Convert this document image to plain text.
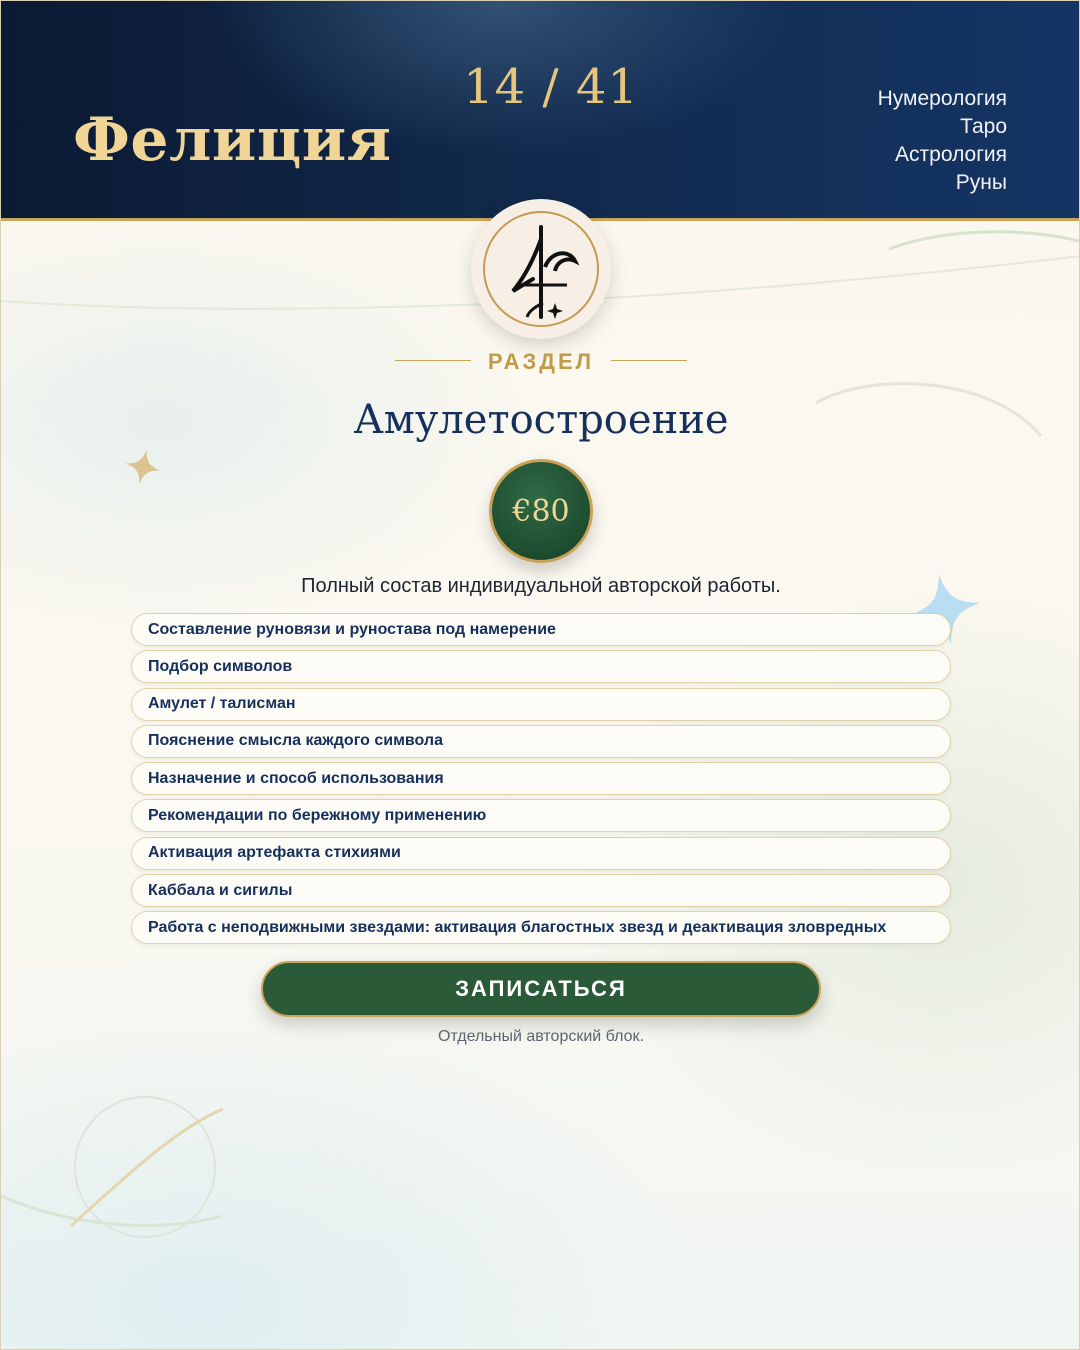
Фелиция
14 / 41	Нумерология
Таро
Астрология
Руны
РАЗДЕЛ
Амулетостроение
€80
Полный состав индивидуальной авторской работы.
Составление руновязи и руностава под намерение
Подбор символов
Амулет / талисман
Пояснение смысла каждого символа
Назначение и способ использования
Рекомендации по бережному применению
Активация артефакта стихиями
Каббала и сигилы
Работа с неподвижными звездами: активация благостных звезд и деактивация зловредных
ЗАПИСАТЬСЯ
Отдельный авторский блок.
